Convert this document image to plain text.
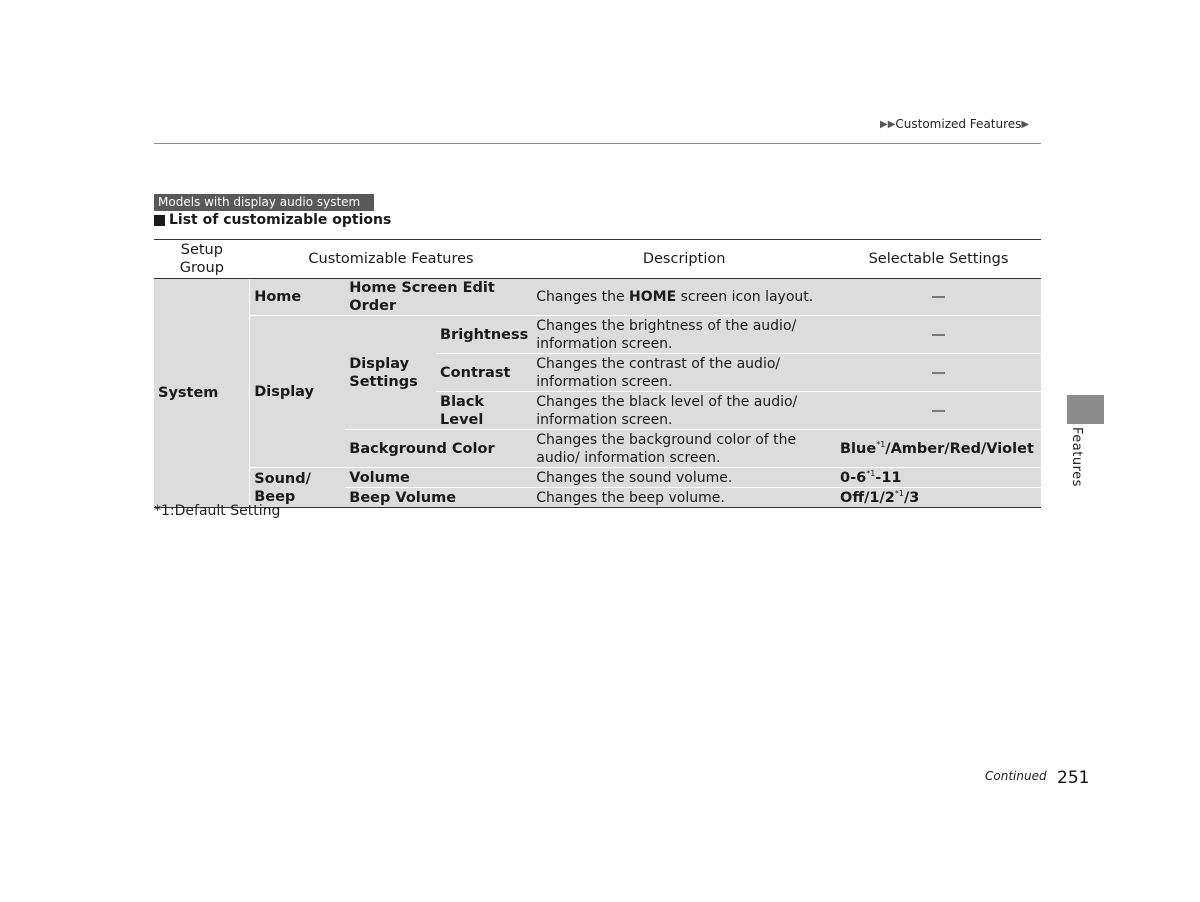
▶▶ Customized Features ▶
Models with display audio system
List of customizable options
Setup Group	Customizable Features			Description	Selectable Settings
System	Home	Home Screen Edit Order		Changes the HOME screen icon layout.	—
	Display	Display Settings	Brightness	Changes the brightness of the audio/ information screen.	—
			Contrast	Changes the contrast of the audio/ information screen.	—
			Black Level	Changes the black level of the audio/ information screen.	—
		Background Color		Changes the background color of the audio/ information screen.	Blue$^{*1}$/Amber/Red/Violet
	Sound/ Beep	Volume		Changes the sound volume.	0-6$^{*1}$-11
		Beep Volume		Changes the beep volume.	Off/1/2$^{*1}$/3
*1:Default Setting
Features
Continued 251
